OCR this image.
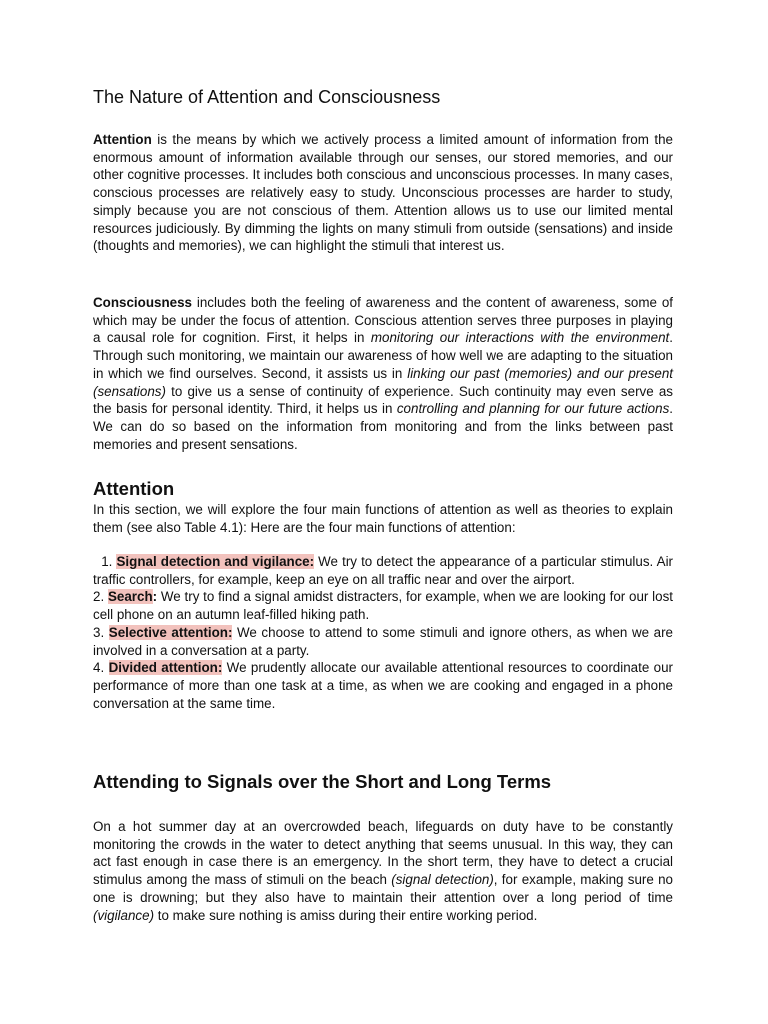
The Nature of Attention and Consciousness

Attention is the means by which we actively process a limited amount of information from the enormous amount of information available through our senses, our stored memories, and our other cognitive processes. It includes both conscious and unconscious processes. In many cases, conscious processes are relatively easy to study. Unconscious processes are harder to study, simply because you are not conscious of them. Attention allows us to use our limited mental resources judiciously. By dimming the lights on many stimuli from outside (sensations) and inside (thoughts and memories), we can highlight the stimuli that interest us.

Consciousness includes both the feeling of awareness and the content of awareness, some of which may be under the focus of attention. Conscious attention serves three purposes in playing a causal role for cognition. First, it helps in monitoring our interactions with the environment. Through such monitoring, we maintain our awareness of how well we are adapting to the situation in which we find ourselves. Second, it assists us in linking our past (memories) and our present (sensations) to give us a sense of continuity of experience. Such continuity may even serve as the basis for personal identity. Third, it helps us in controlling and planning for our future actions. We can do so based on the information from monitoring and from the links between past memories and present sensations.

Attention

In this section, we will explore the four main functions of attention as well as theories to explain them (see also Table 4.1): Here are the four main functions of attention:

1. Signal detection and vigilance: We try to detect the appearance of a particular stimulus. Air traffic controllers, for example, keep an eye on all traffic near and over the airport.
2. Search: We try to find a signal amidst distracters, for example, when we are looking for our lost cell phone on an autumn leaf-filled hiking path.
3. Selective attention: We choose to attend to some stimuli and ignore others, as when we are involved in a conversation at a party.
4. Divided attention: We prudently allocate our available attentional resources to coordinate our performance of more than one task at a time, as when we are cooking and engaged in a phone conversation at the same time.
Attending to Signals over the Short and Long Terms

On a hot summer day at an overcrowded beach, lifeguards on duty have to be constantly monitoring the crowds in the water to detect anything that seems unusual. In this way, they can act fast enough in case there is an emergency. In the short term, they have to detect a crucial stimulus among the mass of stimuli on the beach (signal detection), for example, making sure no one is drowning; but they also have to maintain their attention over a long period of time (vigilance) to make sure nothing is amiss during their entire working period.
